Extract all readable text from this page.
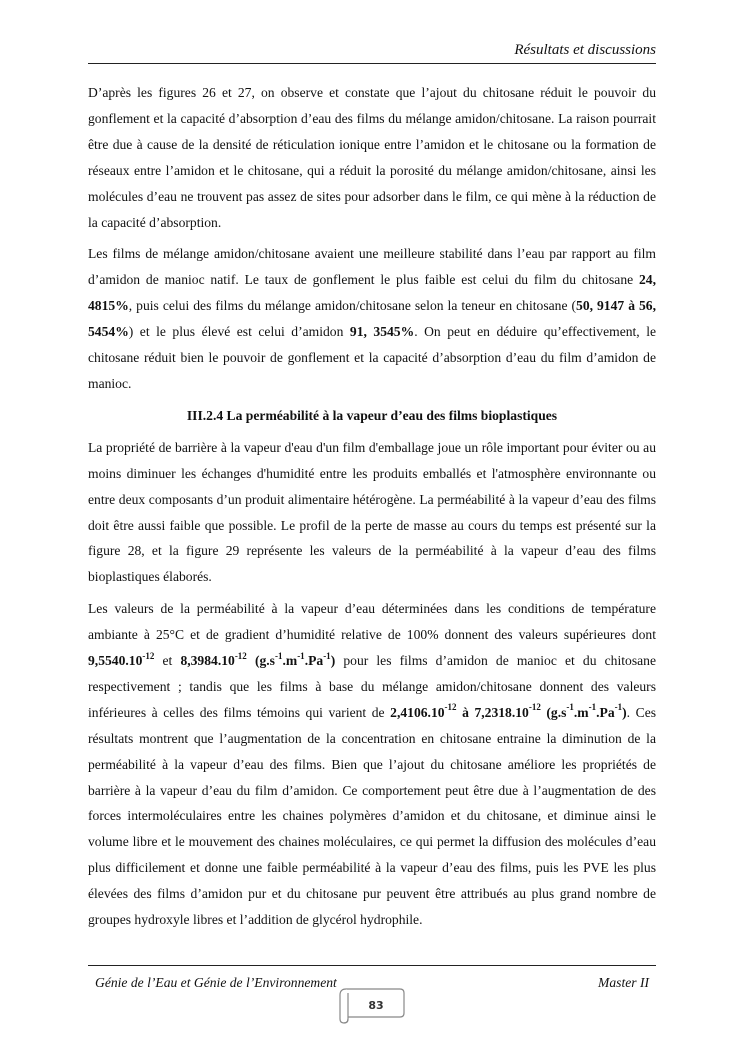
Résultats et discussions

D’après les figures 26 et 27, on observe et constate que l’ajout du chitosane réduit le pouvoir du gonflement et la capacité d’absorption d’eau des films du mélange amidon/chitosane. La raison pourrait être due à cause de la densité de réticulation ionique entre l’amidon et le chitosane ou la formation de réseaux entre l’amidon et le chitosane, qui a réduit la porosité du mélange amidon/chitosane, ainsi les molécules d’eau ne trouvent pas assez de sites pour adsorber dans le film, ce qui mène à la réduction de la capacité d’absorption.

Les films de mélange amidon/chitosane avaient une meilleure stabilité dans l’eau par rapport au film d’amidon de manioc natif. Le taux de gonflement le plus faible est celui du film du chitosane 24, 4815%, puis celui des films du mélange amidon/chitosane selon la teneur en chitosane (50, 9147 à 56, 5454%) et le plus élevé est celui d’amidon 91, 3545%. On peut en déduire qu’effectivement, le chitosane réduit bien le pouvoir de gonflement et la capacité d’absorption d’eau du film d’amidon de manioc.

III.2.4 La perméabilité à la vapeur d’eau des films bioplastiques

La propriété de barrière à la vapeur d'eau d'un film d'emballage joue un rôle important pour éviter ou au moins diminuer les échanges d'humidité entre les produits emballés et l'atmosphère environnante ou entre deux composants d’un produit alimentaire hétérogène. La perméabilité à la vapeur d’eau des films doit être aussi faible que possible. Le profil de la perte de masse au cours du temps est présenté sur la figure 28, et la figure 29 représente les valeurs de la perméabilité à la vapeur d’eau des films bioplastiques élaborés.

Les valeurs de la perméabilité à la vapeur d’eau déterminées dans les conditions de température ambiante à 25°C et de gradient d’humidité relative de 100% donnent des valeurs supérieures dont $9,5540.10^{-12}$ et $8,3984.10^{-12}$ $(g.s^{-1}.m^{-1}.Pa^{-1})$ pour les films d’amidon de manioc et du chitosane respectivement ; tandis que les films à base du mélange amidon/chitosane donnent des valeurs inférieures à celles des films témoins qui varient de $2,4106.10^{-12}$ à $7,2318.10^{-12}$ $(g.s^{-1}.m^{-1}.Pa^{-1})$. Ces résultats montrent que l’augmentation de la concentration en chitosane entraine la diminution de la perméabilité à la vapeur d’eau des films. Bien que l’ajout du chitosane améliore les propriétés de barrière à la vapeur d’eau du film d’amidon. Ce comportement peut être due à l’augmentation de des forces intermoléculaires entre les chaines polymères d’amidon et du chitosane, et diminue ainsi le volume libre et le mouvement des chaines moléculaires, ce qui permet la diffusion des molécules d’eau plus difficilement et donne une faible perméabilité à la vapeur d’eau des films, puis les PVE les plus élevées des films d’amidon pur et du chitosane pur peuvent être attribués au plus grand nombre de groupes hydroxyle libres et l’addition de glycérol hydrophile.

Génie de l’Eau et Génie de l’Environnement	Master II
83
